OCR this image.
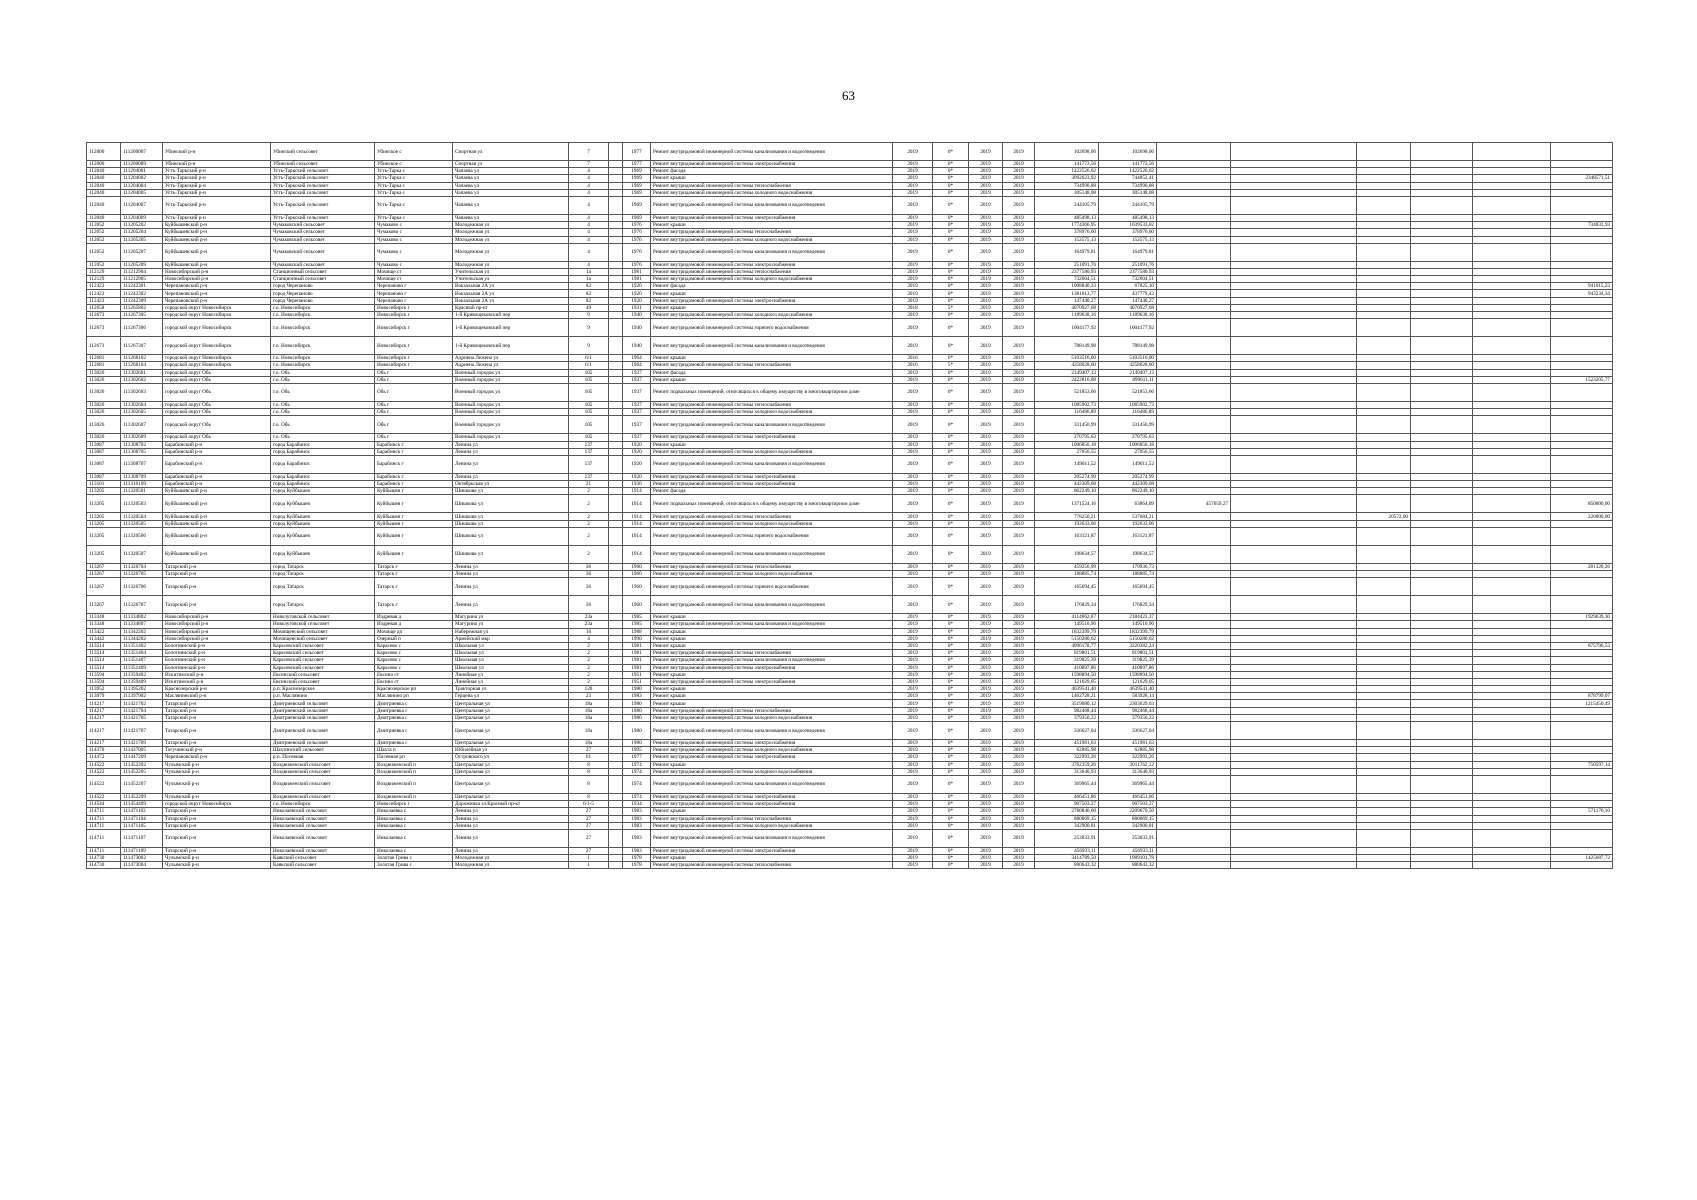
63
112000	111200007	Убинский р-н	Убинский сельсовет	Убинское с	Спортная ул	7		1977	Ремонт внутридомовой инженерной системы канализования и водоотведения	2019	0*	2019	2019	102698,06	102698,06						
112000	111200009	Убинский р-н	Убинский сельсовет	Убинское с	Спортная ул	7		1977	Ремонт внутридомовой инженерной системы электроснабжения	2019	0*	2019	2019	141772,56	141772,56						
112040	111204001	Усть-Таркский р-н	Усть-Таркский сельсовет	Усть-Тарка с	Чапаева ул	4		1969	Ремонт фасада	2019	0*	2019	2019	1422526,62	1422526,62						
112040	111204002	Усть-Таркский р-н	Усть-Таркский сельсовет	Усть-Тарка с	Чапаева ул	4		1969	Ремонт крыши	2019	0*	2019	2019	3092623,92	744052,41						2348571,51
112040	111204004	Усть-Таркский р-н	Усть-Таркский сельсовет	Усть-Тарка с	Чапаева ул	4		1969	Ремонт внутридомовой инженерной системы теплоснабжения	2019	0*	2019	2019	734990,88	734990,88						
112040	111204005	Усть-Таркский р-н	Усть-Таркский сельсовет	Усть-Тарка с	Чапаева ул	4		1969	Ремонт внутридомовой инженерной системы холодного водоснабжения	2019	0*	2019	2019	305148,08	305148,08						
112040	111204007	Усть-Таркский р-н	Усть-Таркский сельсовет	Усть-Тарка с	Чапаева ул	4		1969	Ремонт внутридомовой инженерной системы канализования и водоотведения	2019	0*	2019	2019	244105,79	244105,79						
112040	111204009	Усть-Таркский р-н	Усть-Таркский сельсовет	Усть-Тарка с	Чапаева ул	4		1969	Ремонт внутридомовой инженерной системы электроснабжения	2019	0*	2019	2019	485498,13	485498,13						
112052	111205202	Куйбышевский р-н	Чумаковский сельсовет	Чумаково с	Молодежная ул	4		1976	Ремонт крыши	2019	0*	2019	2019	1774366,95	1039533,02						734833,93
112052	111205204	Куйбышевский р-н	Чумаковский сельсовет	Чумаково с	Молодежная ул	4		1976	Ремонт внутридомовой инженерной системы теплоснабжения	2019	0*	2019	2019	378976,60	378976,60						
112052	111205205	Куйбышевский р-н	Чумаковский сельсовет	Чумаково с	Молодежная ул	4		1976	Ремонт внутридомовой инженерной системы холодного водоснабжения	2019	0*	2019	2019	152575,13	152575,13						
112052	111205207	Куйбышевский р-н	Чумаковский сельсовет	Чумаково с	Молодежная ул	4		1976	Ремонт внутридомовой инженерной системы канализования и водоотведения	2019	0*	2019	2019	164979,81	164979,81						
112052	111205209	Куйбышевский р-н	Чумаковский сельсовет	Чумаково с	Молодежная ул	4		1976	Ремонт внутридомовой инженерной системы электроснабжения	2019	0*	2019	2019	251091,76	251091,76						
112129	111212904	Новосибирский р-н	Станционный сельсовет	Мочище ст	Учительская ул	1а		1981	Ремонт внутридомовой инженерной системы теплоснабжения	2019	0*	2019	2019	2377580,93	2377580,93						
112129	111212905	Новосибирский р-н	Станционный сельсовет	Мочище ст	Учительская ул	1а		1981	Ремонт внутридомовой инженерной системы холодного водоснабжения	2019	0*	2019	2019	732604,51	732604,51						
112423	111242301	Черепановский р-н	город Черепаново	Черепаново г	Вокзальная 2А ул	82		1920	Ремонт фасада	2019	0*	2019	2019	1008840,33	67825,10						941015,23
112423	111242302	Черепановский р-н	город Черепаново	Черепаново г	Вокзальная 2А ул	82		1920	Ремонт крыши	2019	0*	2019	2019	1381013,77	437779,43						943234,34
112423	111242309	Черепановский р-н	город Черепаново	Черепаново г	Вокзальная 2А ул	82		1920	Ремонт внутридомовой инженерной системы электроснабжения	2019	0*	2019	2019	147440,27	147440,27						
112658	111265802	городской округ Новосибирск	г.о. Новосибирск	Новосибирск г	Красный пр-кт	49		1931	Ремонт крыши	2018	5*	2019	2019	4070927,68	4070927,68						
112673	111267305	городской округ Новосибирск	г.о. Новосибирск	Новосибирск г	1-й Кривощековский пер	9		1940	Ремонт внутридомовой инженерной системы холодного водоснабжения	2019	0*	2019	2019	1189638,16	1189638,16						
112673	111267306	городской округ Новосибирск	г.о. Новосибирск	Новосибирск г	1-й Кривощековский пер	9		1940	Ремонт внутридомовой инженерной системы горячего водоснабжения	2019	0*	2019	2019	1004177,92	1004177,92						
112673	111267307	городской округ Новосибирск	г.о. Новосибирск	Новосибирск г	1-й Кривощековский пер	9		1940	Ремонт внутридомовой инженерной системы канализования и водоотведения	2019	0*	2019	2019	788149,98	788149,98						
112681	111268102	городской округ Новосибирск	г.о. Новосибирск	Новосибирск г	Адриена Лежена ул	6/1		1964	Ремонт крыши	2016	6*	2019	2019	5103516,00	5103516,00						
112681	111268104	городской округ Новосибирск	г.о. Новосибирск	Новосибирск г	Адриена Лежена ул	6/1		1964	Ремонт внутридомовой инженерной системы теплоснабжения	2016	5*	2019	2019	4258028,60	4258028,60						
113026	111302601	городской округ Обь	г.о. Обь	Обь г	Военный городок ул	105		1937	Ремонт фасада	2019	0*	2019	2019	2149407,13	2149407,13						
113026	111302602	городской округ Обь	г.о. Обь	Обь г	Военный городок ул	105		1937	Ремонт крыши	2019	0*	2019	2019	2422816,88	899611,11						1523205,77
113026	111302603	городской округ Обь	г.о. Обь	Обь г	Военный городок ул	105		1937	Ремонт подвальных помещений, относящихся к общему имуществу в многоквартирном доме	2019	0*	2019	2019	521853,66	521853,66						
113026	111302604	городской округ Обь	г.о. Обь	Обь г	Военный городок ул	105		1937	Ремонт внутридомовой инженерной системы теплоснабжения	2019	0*	2019	2019	1085902,73	1085902,73						
113026	111302605	городской округ Обь	г.о. Обь	Обь г	Военный городок ул	105		1937	Ремонт внутридомовой инженерной системы холодного водоснабжения	2019	0*	2019	2019	116486,89	116486,89						
113026	111302607	городской округ Обь	г.о. Обь	Обь г	Военный городок ул	105		1937	Ремонт внутридомовой инженерной системы канализования и водоотведения	2019	0*	2019	2019	331456,99	331456,99						
113026	111302609	городской округ Обь	г.о. Обь	Обь г	Военный городок ул	105		1937	Ремонт внутридомовой инженерной системы электроснабжения	2019	0*	2019	2019	270795,63	270795,63						
113087	111308702	Барабинский р-н	город Барабинск	Барабинск г	Ленина ул	137		1920	Ремонт крыши	2019	0*	2019	2019	1006856,18	1006856,18						
113087	111308705	Барабинский р-н	город Барабинск	Барабинск г	Ленина ул	137		1920	Ремонт внутридомовой инженерной системы холодного водоснабжения	2019	0*	2019	2019	27056,55	27056,55						
113087	111308707	Барабинский р-н	город Барабинск	Барабинск г	Ленина ул	137		1920	Ремонт внутридомовой инженерной системы канализования и водоотведения	2019	0*	2019	2019	149011,52	149011,52						
113087	111308709	Барабинский р-н	город Барабинск	Барабинск г	Ленина ул	137		1920	Ремонт внутридомовой инженерной системы электроснабжения	2019	0*	2019	2019	205274,99	205274,99						
113101	111310109	Барабинский р-н	город Барабинск	Барабинск г	Октябрьская ул	21		1936	Ремонт внутридомовой инженерной системы электроснабжения	2019	0*	2019	2019	442309,68	442309,68						
113205	111320501	Куйбышевский р-н	город Куйбышев	Куйбышев г	Шишкова ул	2		1914	Ремонт фасада	2019	0*	2019	2019	862249,10	862249,10						
113205	111320503	Куйбышевский р-н	город Куйбышев	Куйбышев г	Шишкова ул	2		1914	Ремонт подвальных помещений, относящихся к общему имуществу в многоквартирном доме	2019	0*	2019	2019	1371524,16	63864,89	457659,27					850000,00
113205	111320504	Куйбышевский р-н	город Куйбышев	Куйбышев г	Шишкова ул	2		1914	Ремонт внутридомовой инженерной системы теплоснабжения	2019	0*	2019	2019	778256,21	537684,21			20572,00			220000,00
113205	111320505	Куйбышевский р-н	город Куйбышев	Куйбышев г	Шишкова ул	2		1914	Ремонт внутридомовой инженерной системы холодного водоснабжения	2019	0*	2019	2019	192633,06	192633,06						
113205	111320506	Куйбышевский р-н	город Куйбышев	Куйбышев г	Шишкова ул	2		1914	Ремонт внутридомовой инженерной системы горячего водоснабжения	2019	0*	2019	2019	163121,87	163121,87						
113205	111320507	Куйбышевский р-н	город Куйбышев	Куйбышев г	Шишкова ул	2		1914	Ремонт внутридомовой инженерной системы канализования и водоотведения	2019	0*	2019	2019	198634,57	198634,57						
113267	111326704	Татарский р-н	город Татарск	Татарск г	Ленина ул	36		1960	Ремонт внутридомовой инженерной системы теплоснабжения	2019	0*	2019	2019	459256,99	179936,73						281320,26
113267	111326705	Татарский р-н	город Татарск	Татарск г	Ленина ул	36		1960	Ремонт внутридомовой инженерной системы холодного водоснабжения	2019	0*	2019	2019	188885,74	188885,74						
113267	111326706	Татарский р-н	город Татарск	Татарск г	Ленина ул	36		1960	Ремонт внутридомовой инженерной системы горячего водоснабжения	2019	0*	2019	2019	165694,45	165694,45						
113267	111326707	Татарский р-н	город Татарск	Татарск г	Ленина ул	36		1960	Ремонт внутридомовой инженерной системы канализования и водоотведения	2019	0*	2019	2019	176829,34	176829,34						
113348	111334802	Новосибирский р-н	Новолуговской сельсовет	Издревая д	Магурина ул	23а		1985	Ремонт крыши	2019	0*	2019	2019	4114062,67	2184423,37						1929639,30
113348	111334807	Новосибирский р-н	Новолуговской сельсовет	Издревая д	Магурина ул	23а		1985	Ремонт внутридомовой инженерной системы канализования и водоотведения	2019	0*	2019	2019	149510,96	149510,96						
113422	111342202	Новосибирский р-н	Мочищенский сельсовет	Мочище дп	Набережная ул	16		1988	Ремонт крыши	2019	0*	2019	2019	1832399,79	1832399,79						
113442	111344202	Новосибирский р-н	Мочищенский сельсовет	Озерный п	Армейский мкр	4		1990	Ремонт крыши	2019	0*	2019	2019	5150280,62	5150280,62						
113514	111351402	Болотнинский р-н	Карасевский сельсовет	Карасево с	Школьная ул	2		1981	Ремонт крыши	2019	0*	2019	2019	4096178,77	3220382,24						875796,53
113514	111351404	Болотнинский р-н	Карасевский сельсовет	Карасево с	Школьная ул	2		1981	Ремонт внутридомовой инженерной системы теплоснабжения	2019	0*	2019	2019	819801,51	819801,51						
113514	111351407	Болотнинский р-н	Карасевский сельсовет	Карасево с	Школьная ул	2		1981	Ремонт внутридомовой инженерной системы канализования и водоотведения	2019	0*	2019	2019	319825,39	319825,39						
113514	111351409	Болотнинский р-н	Карасевский сельсовет	Карасево с	Школьная ул	2		1981	Ремонт внутридомовой инженерной системы электроснабжения	2019	0*	2019	2019	410897,86	410897,86						
113594	111359402	Искитимский р-н	Евсинский сельсовет	Евсино ст	Линейная ул	2		1951	Ремонт крыши	2019	0*	2019	2019	1598894,50	1598894,50						
113594	111359409	Искитимский р-н	Евсинский сельсовет	Евсино ст	Линейная ул	2		1951	Ремонт внутридомовой инженерной системы электроснабжения	2019	0*	2019	2019	121629,05	121629,05						
113952	111395202	Краснозерский р-н	р.п. Краснозерское	Краснозерское рп	Тракторная ул	120		1980	Ремонт крыши	2019	0*	2019	2019	4639541,40	4639541,40						
113979	111397902	Маслянинский р-н	р.п. Маслянино	Маслянино рп	Герцена ул	23		1983	Ремонт крыши	2019	0*	2019	2019	1462728,21	583928,14						878799,07
114217	111421702	Татарский р-н	Дмитриевский сельсовет	Дмитриевка с	Центральная ул	18а		1980	Ремонт крыши	2019	0*	2019	2019	3519080,12	2303629,63						1215450,49
114217	111421704	Татарский р-н	Дмитриевский сельсовет	Дмитриевка с	Центральная ул	18а		1980	Ремонт внутридомовой инженерной системы теплоснабжения	2019	0*	2019	2019	982468,44	982468,44						
114217	111421705	Татарский р-н	Дмитриевский сельсовет	Дмитриевка с	Центральная ул	18а		1980	Ремонт внутридомовой инженерной системы холодного водоснабжения	2019	0*	2019	2019	379350,22	379350,22						
114217	111421707	Татарский р-н	Дмитриевский сельсовет	Дмитриевка с	Центральная ул	18а		1980	Ремонт внутридомовой инженерной системы канализования и водоотведения	2019	0*	2019	2019	336627,04	336627,04						
114217	111421709	Татарский р-н	Дмитриевский сельсовет	Дмитриевка с	Центральная ул	18а		1980	Ремонт внутридомовой инженерной системы электроснабжения	2019	0*	2019	2019	451981,63	451981,63						
114370	111437005	Тогучинский р-н	Шахтинский сельсовет	Шахта п	Юбилейная ул	27		1995	Ремонт внутридомовой инженерной системы холодного водоснабжения	2019	0*	2019	2019	62885,98	62885,98						
114472	111447209	Черепановский р-н	р.п. Посевная	Посевная рп	Островского ул	61		1977	Ремонт внутридомовой инженерной системы электроснабжения	2019	0*	2019	2019	322993,26	322993,26						
114522	111452202	Чулымский р-н	Воздвиженский сельсовет	Воздвиженский п	Центральная ул	8		1974	Ремонт крыши	2019	0*	2019	2019	3762359,26	3011762,12						750597,14
114522	111452205	Чулымский р-н	Воздвиженский сельсовет	Воздвиженский п	Центральная ул	8		1974	Ремонт внутридомовой инженерной системы холодного водоснабжения	2019	0*	2019	2019	313640,93	313640,93						
114522	111452207	Чулымский р-н	Воздвиженский сельсовет	Воздвиженский п	Центральная ул	8		1974	Ремонт внутридомовой инженерной системы канализования и водоотведения	2019	0*	2019	2019	369965,44	369965,44						
114522	111452209	Чулымский р-н	Воздвиженский сельсовет	Воздвиженский п	Центральная ул	8		1974	Ремонт внутридомовой инженерной системы электроснабжения	2019	0*	2019	2019	466451,86	466451,86						
114544	111454409	городской округ Новосибирск	г.о. Новосибирск	Новосибирск г	Дорожника зл.Красный пр-кт	6/1-5		1934	Ремонт внутридомовой инженерной системы электроснабжения	2019	0*	2019	2019	907503,27	907503,27						
114711	111471102	Татарский р-н	Николаевский сельсовет	Николаевка с	Ленина ул	27		1983	Ремонт крыши	2019	0*	2019	2019	2780846,60	2209670,50						571176,10
114711	111471104	Татарский р-н	Николаевский сельсовет	Николаевка с	Ленина ул	27		1983	Ремонт внутридомовой инженерной системы теплоснабжения	2019	0*	2019	2019	880069,15	880069,15						
114711	111471105	Татарский р-н	Николаевский сельсовет	Николаевка с	Ленина ул	27		1983	Ремонт внутридомовой инженерной системы холодного водоснабжения	2019	0*	2019	2019	342900,81	342900,81						
114711	111471107	Татарский р-н	Николаевский сельсовет	Николаевка с	Ленина ул	27		1983	Ремонт внутридомовой инженерной системы канализования и водоотведения	2019	0*	2019	2019	253033,91	253033,91						
114711	111471109	Татарский р-н	Николаевский сельсовет	Николаевка с	Ленина ул	27		1983	Ремонт внутридомовой инженерной системы электроснабжения	2019	0*	2019	2019	456933,11	456933,11						
114730	111473002	Чулымский р-н	Каякский сельсовет	Золотая Грива с	Молодежная ул	1		1978	Ремонт крыши	2019	0*	2019	2019	3414789,50	1989101,78						1425687,72
114730	111473004	Чулымский р-н	Каякский сельсовет	Золотая Грива с	Молодежная ул	1		1978	Ремонт внутридомовой инженерной системы теплоснабжения	2019	0*	2019	2019	880643,32	880643,32						
